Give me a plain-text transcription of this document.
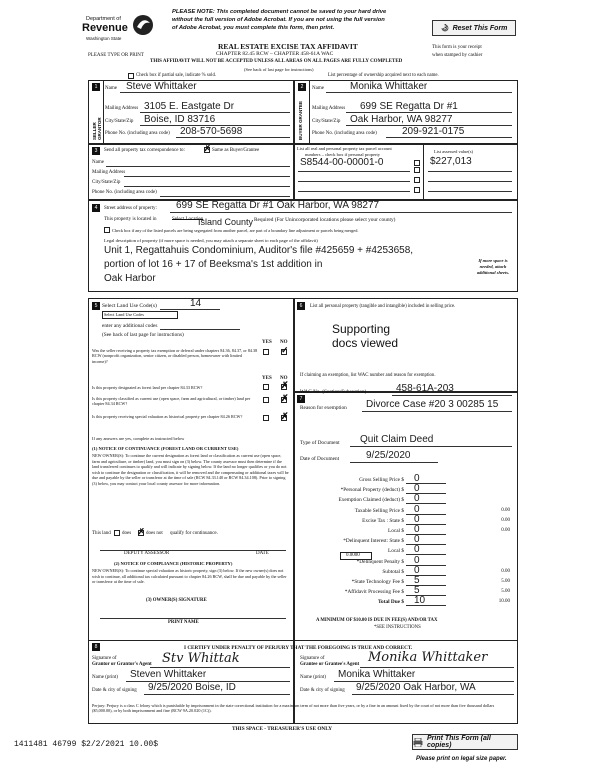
Department of
Revenue
Washington State
PLEASE NOTE: This completed document cannot be saved to your hard drive
without the full version of Adobe Acrobat. If you are not using the full version
of Adobe Acrobat, you must complete this form, then print.	Reset This Form
REAL ESTATE EXCISE TAX AFFIDAVIT
CHAPTER 82.45 RCW – CHAPTER 458-61A WAC
PLEASE TYPE OR PRINT
THIS AFFIDAVIT WILL NOT BE ACCEPTED UNLESS ALL AREAS ON ALL PAGES ARE FULLY COMPLETED
This form is your receipt
when stamped by cashier
Check box if partial sale, indicate % sold.
(See back of last page for instructions)
List percentage of ownership acquired next to each name.
1
SELLER GRANTOR
Name Steve Whittaker
Mailing Address 3105 E. Eastgate Dr
City/State/Zip Boise, ID 83716
Phone No. (including area code) 208-570-5698
2
BUYER GRANTEE
Name	Monika Whittaker
Mailing Address 699 SE Regatta Dr #1
City/State/Zip Oak Harbor, WA 98277
Phone No. (including area code)	209-921-0175
3	Send all property tax correspondence to: ✗ Same as Buyer/Grantee
Name
Mailing Address
City/State/Zip
Phone No. (including area code)
List all real and personal property tax parcel account
numbers – check box if personal property
List assessed value(s)
S8544-00-00001-0	$227,013
4	Street address of property: 699 SE Regatta Dr #1 Oak Harbor, WA 98277
This property is located in	Select Location
Island County Required (For Unincorporated locations please select your county)
Check box if any of the listed parcels are being segregated from another parcel, are part of a boundary line adjustment or parcels being merged.
Legal description of property (if more space is needed, you may attach a separate sheet to each page of the affidavit)
Unit 1, Regattahuis Condominium, Auditor's file #425659 + #4253658,
portion of lot 16 + 17 of Beeksma's 1st addition in
Oak Harbor
If more space is needed, attach additional sheets.
5 Select Land Use Code(s)	14
Select Land Use Codes
enter any additional codes
(See back of last page for instructions)
YES NO
Was the seller receiving a property tax exemption or deferral under chapters 84.36, 84.37, or 84.38 RCW (nonprofit organization, senior citizen, or disabled person, homeowner with limited income)?
✓
YES NO
Is this property designated as forest land per chapter 84.33 RCW?	✗
Is this property classified as current use (open space, farm and agricultural, or timber) land per chapter 84.34 RCW?
✗
Is this property receiving special valuation as historical property per chapter 84.26 RCW?	✗
If any answers are yes, complete as instructed below
(1) NOTICE OF CONTINUANCE (FOREST LAND OR CURRENT USE)
NEW OWNER(S): To continue the current designation as forest land or classification as current use (open space, farm and agriculture, or timber) land, you must sign on (3) below. The county assessor must then determine if the land transferred continues to qualify and will indicate by signing below. If the land no longer qualifies or you do not wish to continue the designation or classification, it will be removed and the compensating or additional taxes will be due and payable by the seller or transferor at the time of sale (RCW 84.33.140 or RCW 84.34.108). Prior to signing (3) below, you may contact your local county assessor for more information.
This land does ✗ does not qualify for continuance.
DEPUTY ASSESSOR	DATE
(2) NOTICE OF COMPLIANCE (HISTORIC PROPERTY)
NEW OWNER(S): To continue special valuation as historic property, sign (3) below. If the new owner(s) does not wish to continue, all additional tax calculated pursuant to chapter 84.26 RCW, shall be due and payable by the seller or transferor at the time of sale.
(3) OWNER(S) SIGNATURE
PRINT NAME
6	List all personal property (tangible and intangible) included in selling price.
Supporting docs viewed
7
If claiming an exemption, list WAC number and reason for exemption.
WAC No. (Section/Subsection)	458-61A-203
Reason for exemption Divorce Case #20 3 00285 15
Type of Document Quit Claim Deed
Date of Document	9/25/2020
Gross Selling Price $ 0
*Personal Property (deduct) $ 0
Exemption Claimed (deduct) $ 0
Taxable Selling Price $ 0	0.00
Excise Tax : State $ 0	0.00
Local $ 0	0.00
*Delinquent Interest: State $ 0
Local $ 0
*Delinquent Penalty $ 0
Subtotal $ 0	0.00
*State Technology Fee $ 5	5.00
*Affidavit Processing Fee $ 5	5.00
Total Due $ 10	10.00
0.0000
A MINIMUM OF $10.00 IS DUE IN FEE(S) AND/OR TAX
*SEE INSTRUCTIONS
8	I CERTIFY UNDER PENALTY OF PERJURY THAT THE FOREGOING IS TRUE AND CORRECT.
Signature of
Grantor or Grantor's Agent Stv Whittak
Name (print) Steven Whittaker
Date & city of signing 9/25/2020 Boise, ID
Signature of
Grantee or Grantee's Agent Monika Whittaker
Name (print) Monika Whittaker
Date & city of signing 9/25/2020 Oak Harbor, WA
Perjury: Perjury is a class C felony which is punishable by imprisonment in the state correctional institution for a maximum term of not more than five years, or by a fine in an amount fixed by the court of not more than five thousand dollars ($5,000.00), or by both imprisonment and fine (RCW 9A.20.020 (1C)).
THIS SPACE - TREASURER'S USE ONLY
1411481 46799 $2/2/2021 10.00$
Print This Form (all copies)
Please print on legal size paper.
